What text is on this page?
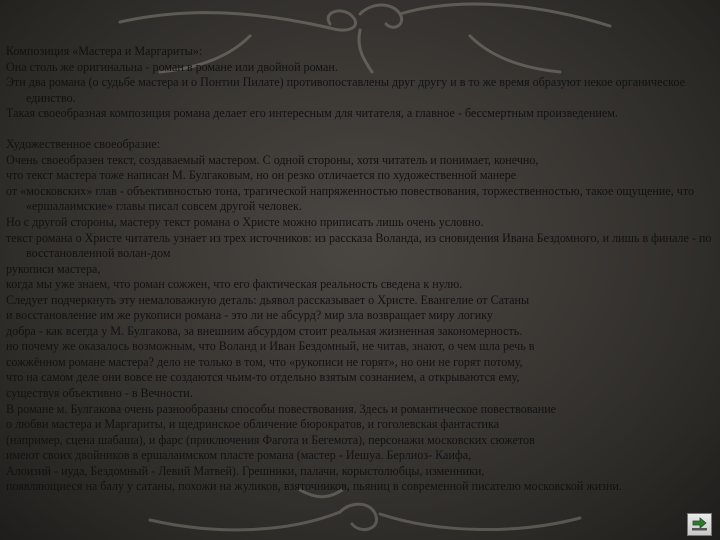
Композиция «Мастера и Маргариты»:

Она столь же оригинальна - роман в романе или двойной роман.

Эти два романа (о судьбе мастера и о Понтии Пилате) противопоставлены друг другу и в то же время образуют некое органическое единство.

Такая своеобразная композиция романа делает его интересным для читателя, а главное - бессмертным произведением.

Художественное своеобразие:

Очень своеобразен текст, создаваемый мастером. С одной стороны, хотя читатель и понимает, конечно,

что текст мастера тоже написан М. Булгаковым, но он резко отличается по художественной манере

от «московских» глав - объективностью тона, трагической напряженностью повествования, торжественностью, такое ощущение, что «ершалаимские» главы писал совсем другой человек.

Но с другой стороны, мастеру текст романа о Христе можно приписать лишь очень условно.

текст романа о Христе читатель узнает из трех источников: из рассказа Воланда, из сновидения Ивана Бездомного, и лишь в финале - по восстановленной волан-дом

рукописи мастера,

когда мы уже знаем, что роман сожжен, что его фактическая реальность сведена к нулю.

Следует подчеркнуть эту немаловажную деталь: дьявол рассказывает о Христе. Евангелие от Сатаны

и восстановление им же рукописи романа - это ли не абсурд? мир зла возвращает миру логику

добра - как всегда у М. Булгакова, за внешним абсурдом стоит реальная жизненная закономерность.

но почему же оказалось возможным, что Воланд и Иван Бездомный, не читав, знают, о чем шла речь в

сожжённом романе мастера? дело не только в том, что «рукописи не горят», но они не горят потому,

что на самом деле они вовсе не создаются чьим-то отдельно взятым сознанием, а открываются ему,

существуя объективно - в Вечности.

В романе м. Булгакова очень разнообразны способы повествования. Здесь и романтическое повествование

о любви мастера и Маргариты, и щедринское обличение бюрократов, и гоголевская фантастика

(например, сцена шабаша), и фарс (приключения Фагота и Бегемота), персонажи московских сюжетов

имеют своих двойников в ершалаимском пласте романа (мастер - Иешуа. Берлиоз- Каифа,

Алоизий - иуда, Бездомный - Левий Матвей). Грешники, палачи, корыстолюбцы, изменники,

появляющиеся на балу у сатаны, похожи на жуликов, взяточников, пьяниц в современной писателю московской жизни.
